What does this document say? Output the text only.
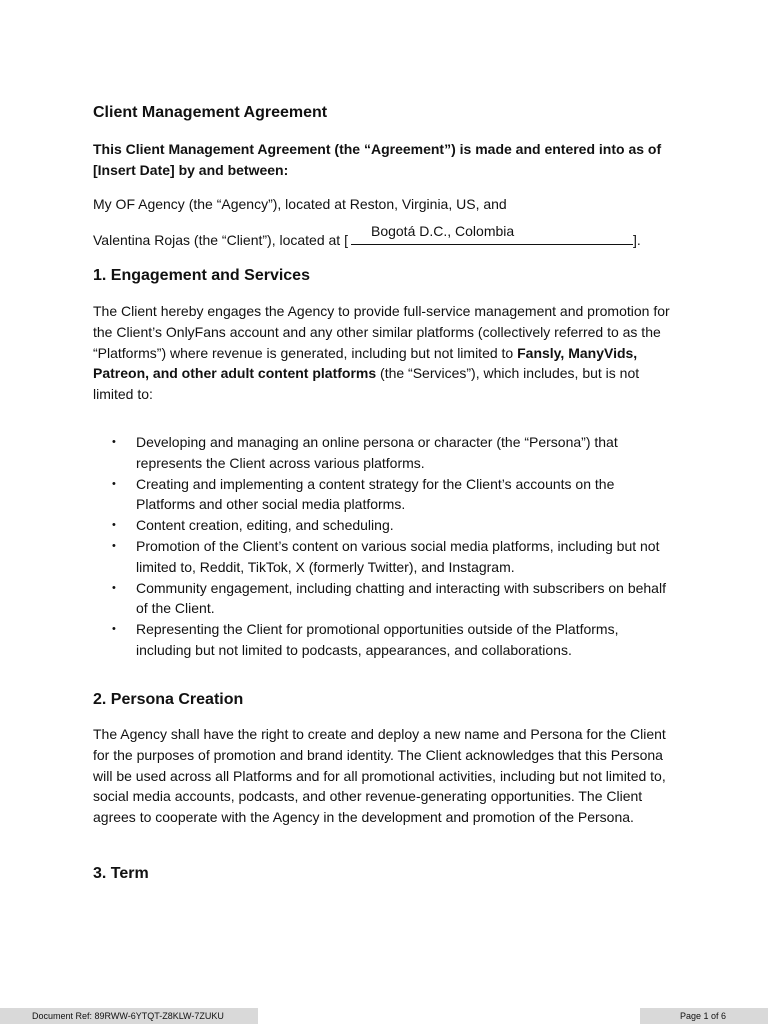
Client Management Agreement

This Client Management Agreement (the “Agreement”) is made and entered into as of [Insert Date] by and between:

My OF Agency (the “Agency”), located at Reston, Virginia, US, and

Valentina Rojas (the “Client”), located at [
Bogotá D.C., Colombia
].

1. Engagement and Services

The Client hereby engages the Agency to provide full-service management and promotion for the Client’s OnlyFans account and any other similar platforms (collectively referred to as the “Platforms”) where revenue is generated, including but not limited to Fansly, ManyVids, Patreon, and other adult content platforms (the “Services”), which includes, but is not limited to:

• Developing and managing an online persona or character (the “Persona”) that represents the Client across various platforms.
• Creating and implementing a content strategy for the Client’s accounts on the Platforms and other social media platforms.
• Content creation, editing, and scheduling.
• Promotion of the Client’s content on various social media platforms, including but not limited to, Reddit, TikTok, X (formerly Twitter), and Instagram.
• Community engagement, including chatting and interacting with subscribers on behalf of the Client.
• Representing the Client for promotional opportunities outside of the Platforms, including but not limited to podcasts, appearances, and collaborations.
2. Persona Creation

The Agency shall have the right to create and deploy a new name and Persona for the Client for the purposes of promotion and brand identity. The Client acknowledges that this Persona will be used across all Platforms and for all promotional activities, including but not limited to, social media accounts, podcasts, and other revenue-generating opportunities. The Client agrees to cooperate with the Agency in the development and promotion of the Persona.

3. Term
Document Ref: 89RWW-6YTQT-Z8KLW-7ZUKU	Page 1 of 6
